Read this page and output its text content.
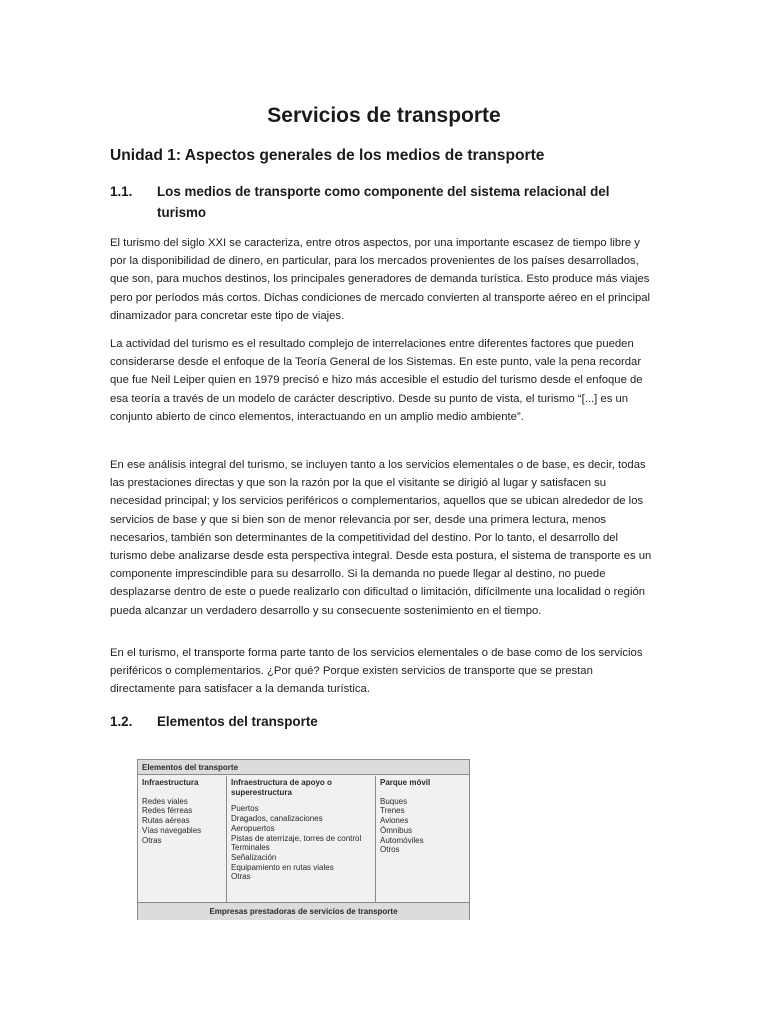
Servicios de transporte
Unidad 1: Aspectos generales de los medios de transporte
1.1. Los medios de transporte como componente del sistema relacional del turismo

El turismo del siglo XXI se caracteriza, entre otros aspectos, por una importante escasez de tiempo libre y por la disponibilidad de dinero, en particular, para los mercados provenientes de los países desarrollados, que son, para muchos destinos, los principales generadores de demanda turística. Esto produce más viajes pero por períodos más cortos. Dichas condiciones de mercado convierten al transporte aéreo en el principal dinamizador para concretar este tipo de viajes.

La actividad del turismo es el resultado complejo de interrelaciones entre diferentes factores que pueden considerarse desde el enfoque de la Teoría General de los Sistemas. En este punto, vale la pena recordar que fue Neil Leiper quien en 1979 precisó e hizo más accesible el estudio del turismo desde el enfoque de esa teoría a través de un modelo de carácter descriptivo. Desde su punto de vista, el turismo “[...] es un conjunto abierto de cinco elementos, interactuando en un amplio medio ambiente”.

En ese análisis integral del turismo, se incluyen tanto a los servicios elementales o de base, es decir, todas las prestaciones directas y que son la razón por la que el visitante se dirigió al lugar y satisfacen su necesidad principal; y los servicios periféricos o complementarios, aquellos que se ubican alrededor de los servicios de base y que si bien son de menor relevancia por ser, desde una primera lectura, menos necesarios, también son determinantes de la competitividad del destino. Por lo tanto, el desarrollo del turismo debe analizarse desde esta perspectiva integral. Desde esta postura, el sistema de transporte es un componente imprescindible para su desarrollo. Si la demanda no puede llegar al destino, no puede desplazarse dentro de este o puede realizarlo con dificultad o limitación, difícilmente una localidad o región pueda alcanzar un verdadero desarrollo y su consecuente sostenimiento en el tiempo.

En el turismo, el transporte forma parte tanto de los servicios elementales o de base como de los servicios periféricos o complementarios. ¿Por qué? Porque existen servicios de transporte que se prestan directamente para satisfacer a la demanda turística.

1.2. Elementos del transporte
Elementos del transporte
Infraestructura
Redes viales
Redes férreas
Rutas aéreas
Vías navegables
Otras
Infraestructura de apoyo o superestructura
Puertos
Dragados, canalizaciones
Aeropuertos
Pistas de aterrizaje, torres de control
Terminales
Señalización
Equipamiento en rutas viales
Otras
Parque móvil
Buques
Trenes
Aviones
Ómnibus
Automóviles
Otros
Empresas prestadoras de servicios de transporte
